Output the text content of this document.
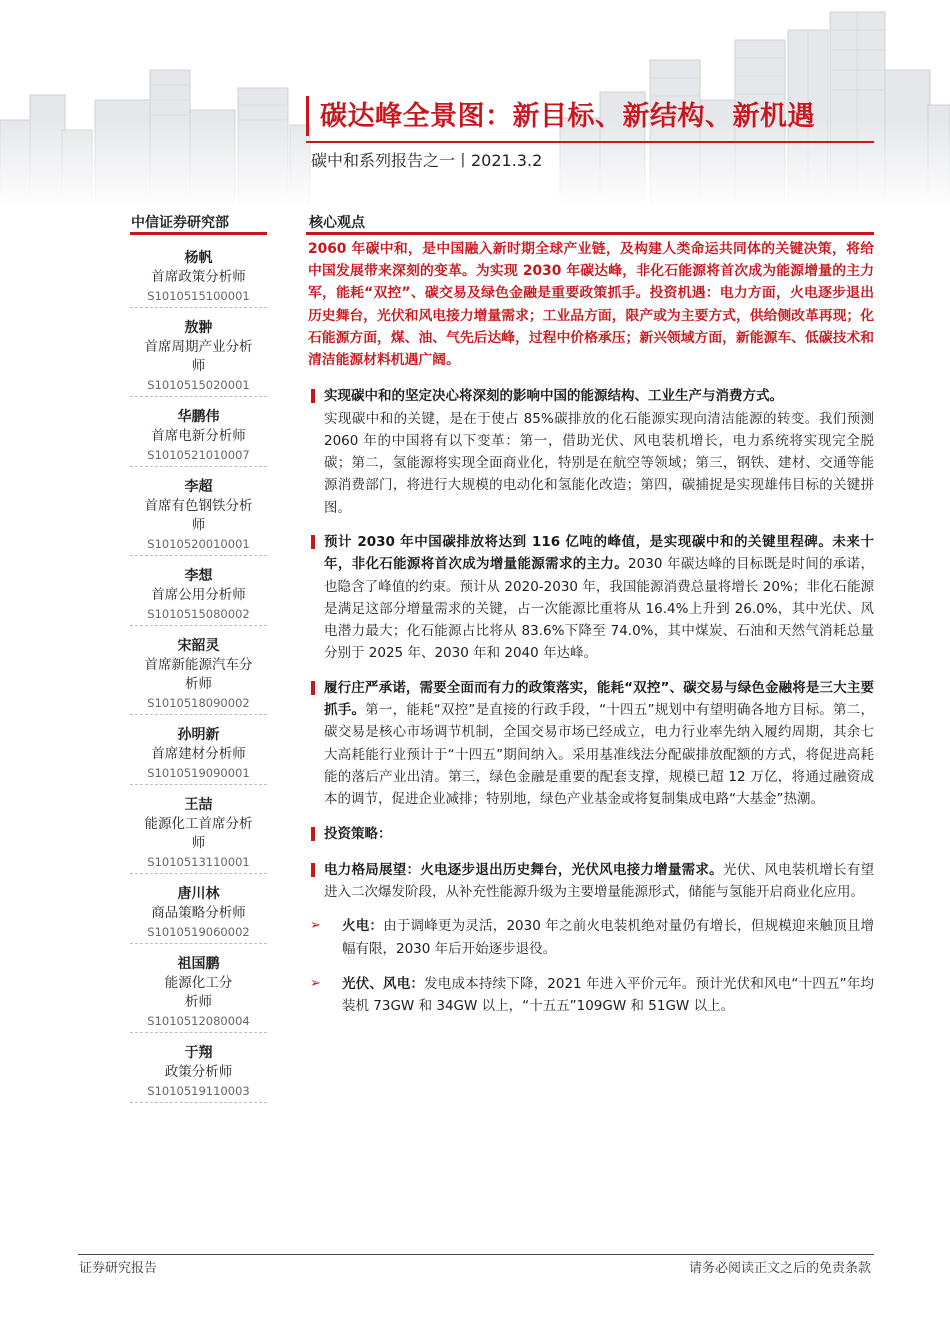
碳达峰全景图：新目标、新结构、新机遇
碳中和系列报告之一丨2021.3.2
中信证券研究部	核心观点
杨帆
首席政策分析师
S1010515100001
敖翀
首席周期产业分析师
S1010515020001
华鹏伟
首席电新分析师
S1010521010007
李超
首席有色钢铁分析师
S1010520010001
李想
首席公用分析师
S1010515080002
宋韶灵
首席新能源汽车分析师
S1010518090002
孙明新
首席建材分析师
S1010519090001
王喆
能源化工首席分析师
S1010513110001
唐川林
商品策略分析师
S1010519060002
祖国鹏
能源化工分析师
S1010512080004
于翔
政策分析师
S1010519110003

2060 年碳中和，是中国融入新时期全球产业链，及构建人类命运共同体的关键决策，将给中国发展带来深刻的变革。为实现 2030 年碳达峰，非化石能源将首次成为能源增量的主力军，能耗“双控”、碳交易及绿色金融是重要政策抓手。投资机遇：电力方面，火电逐步退出历史舞台，光伏和风电接力增量需求；工业品方面，限产或为主要方式，供给侧改革再现；化石能源方面，煤、油、气先后达峰，过程中价格承压；新兴领域方面，新能源车、低碳技术和清洁能源材料机遇广阔。

实现碳中和的坚定决心将深刻的影响中国的能源结构、工业生产与消费方式。
实现碳中和的关键，是在于使占 85%碳排放的化石能源实现向清洁能源的转变。我们预测 2060 年的中国将有以下变革：第一，借助光伏、风电装机增长，电力系统将实现完全脱碳；第二，氢能源将实现全面商业化，特别是在航空等领域；第三，钢铁、建材、交通等能源消费部门，将进行大规模的电动化和氢能化改造；第四，碳捕捉是实现雄伟目标的关键拼图。

预计 2030 年中国碳排放将达到 116 亿吨的峰值，是实现碳中和的关键里程碑。未来十年，非化石能源将首次成为增量能源需求的主力。2030 年碳达峰的目标既是时间的承诺，也隐含了峰值的约束。预计从 2020-2030 年，我国能源消费总量将增长 20%；非化石能源是满足这部分增量需求的关键，占一次能源比重将从 16.4%上升到 26.0%，其中光伏、风电潜力最大；化石能源占比将从 83.6%下降至 74.0%，其中煤炭、石油和天然气消耗总量分别于 2025 年、2030 年和 2040 年达峰。

履行庄严承诺，需要全面而有力的政策落实，能耗“双控”、碳交易与绿色金融将是三大主要抓手。第一，能耗“双控”是直接的行政手段，“十四五”规划中有望明确各地方目标。第二，碳交易是核心市场调节机制，全国交易市场已经成立，电力行业率先纳入履约周期，其余七大高耗能行业预计于“十四五”期间纳入。采用基准线法分配碳排放配额的方式，将促进高耗能的落后产业出清。第三，绿色金融是重要的配套支撑，规模已超 12 万亿，将通过融资成本的调节，促进企业减排；特别地，绿色产业基金或将复制集成电路“大基金”热潮。

投资策略：

电力格局展望：火电逐步退出历史舞台，光伏风电接力增量需求。光伏、风电装机增长有望进入二次爆发阶段，从补充性能源升级为主要增量能源形式，储能与氢能开启商业化应用。

➢ 火电：由于调峰更为灵活，2030 年之前火电装机绝对量仍有增长，但规模迎来触顶且增幅有限，2030 年后开始逐步退役。

➢ 光伏、风电：发电成本持续下降，2021 年进入平价元年。预计光伏和风电“十四五”年均装机 73GW 和 34GW 以上，“十五五”109GW 和 51GW 以上。

证券研究报告	请务必阅读正文之后的免责条款
